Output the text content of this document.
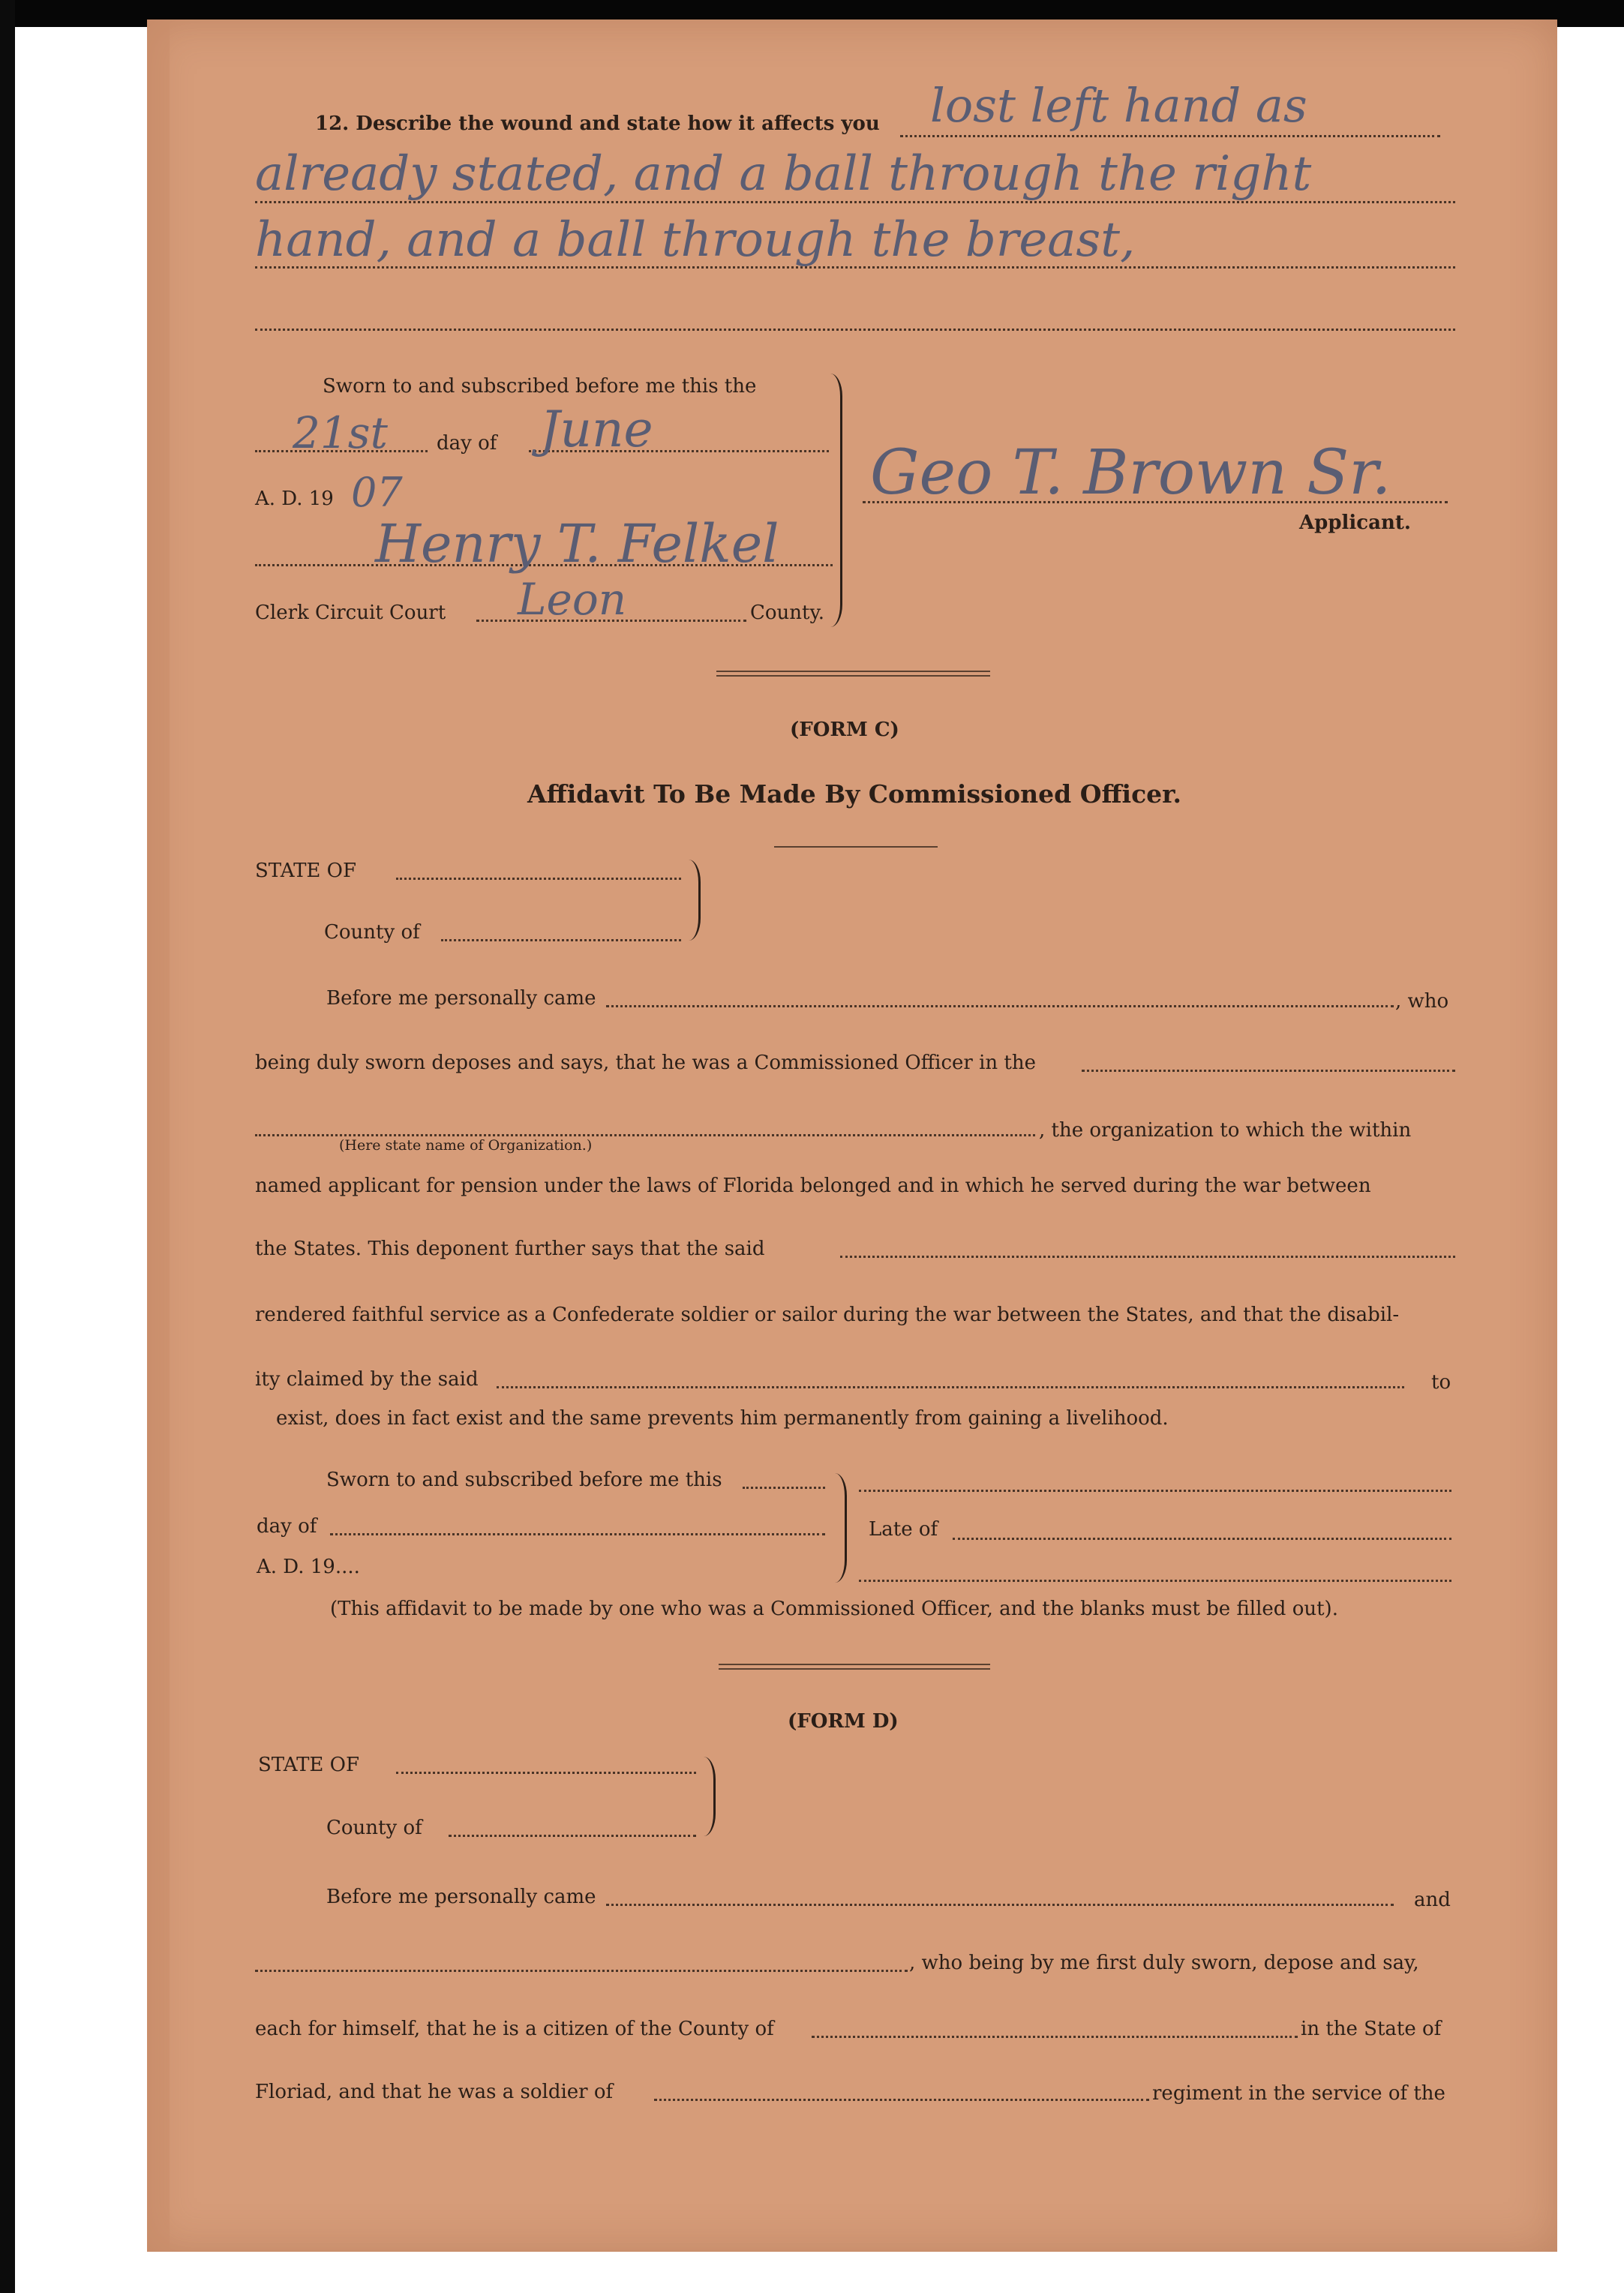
12. Describe the wound and state how it affects you lost left hand as
already stated, and a ball through the right
hand, and a ball through the breast,
Sworn to and subscribed before me this the
21st	day of June
A. D. 19 07
Henry T. Felkel
Clerk Circuit Court Leon	County.
Geo T. Brown Sr.
Applicant.
(FORM C)
Affidavit To Be Made By Commissioned Officer.
STATE OF
County of
Before me personally came	, who
being duly sworn deposes and says, that he was a Commissioned Officer in the
, the organization to which the within
(Here state name of Organization.)
named applicant for pension under the laws of Florida belonged and in which he served during the war between
the States. This deponent further says that the said
rendered faithful service as a Confederate soldier or sailor during the war between the States, and that the disabil-
ity claimed by the said	to
exist, does in fact exist and the same prevents him permanently from gaining a livelihood.
Sworn to and subscribed before me this
day of
A. D. 19....
Late of
(This affidavit to be made by one who was a Commissioned Officer, and the blanks must be filled out).
(FORM D)
STATE OF
County of
Before me personally came	and
, who being by me first duly sworn, depose and say,
each for himself, that he is a citizen of the County of	in the State of
Floriad, and that he was a soldier of	regiment in the service of the
